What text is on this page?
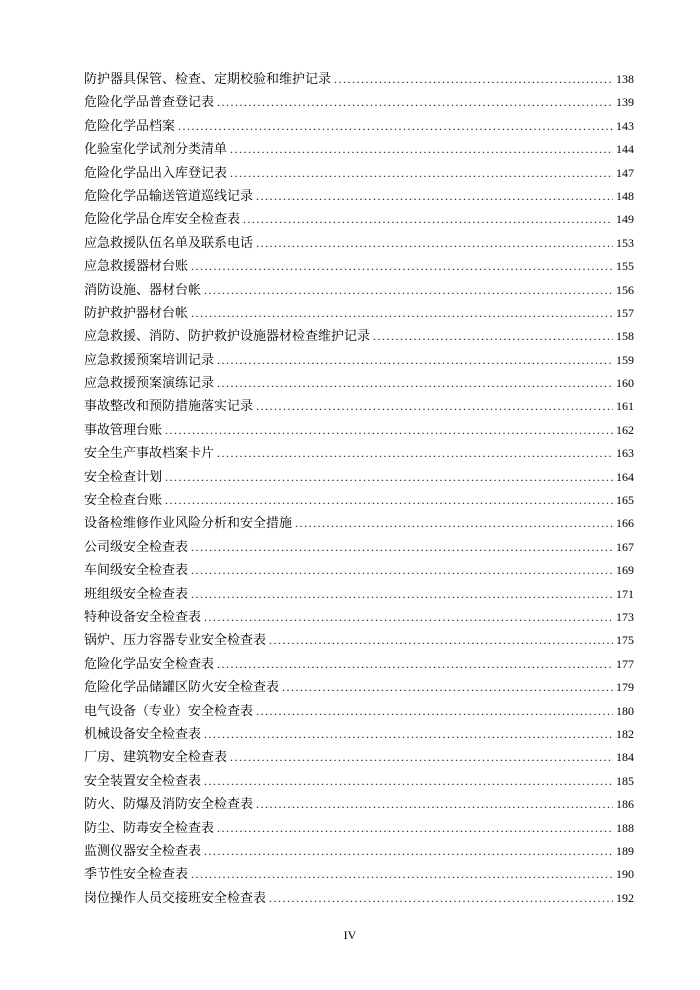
防护器具保管、检查、定期校验和维护记录 .....	138
危险化学品普查登记表 .....	139
危险化学品档案 .....	143
化验室化学试剂分类清单 .....	144
危险化学品出入库登记表 .....	147
危险化学品输送管道巡线记录 .....	148
危险化学品仓库安全检查表 .....	149
应急救援队伍名单及联系电话 .....	153
应急救援器材台账 .....	155
消防设施、器材台帐 .....	156
防护救护器材台帐 .....	157
应急救援、消防、防护救护设施器材检查维护记录 .....	158
应急救援预案培训记录 .....	159
应急救援预案演练记录 .....	160
事故整改和预防措施落实记录 .....	161
事故管理台账 .....	162
安全生产事故档案卡片 .....	163
安全检查计划 .....	164
安全检查台账 .....	165
设备检维修作业风险分析和安全措施 .....	166
公司级安全检查表 .....	167
车间级安全检查表 .....	169
班组级安全检查表 .....	171
特种设备安全检查表 .....	173
锅炉、压力容器专业安全检查表 .....	175
危险化学品安全检查表 .....	177
危险化学品储罐区防火安全检查表 .....	179
电气设备（专业）安全检查表 .....	180
机械设备安全检查表 .....	182
厂房、建筑物安全检查表 .....	184
安全装置安全检查表 .....	185
防火、防爆及消防安全检查表 .....	186
防尘、防毒安全检查表 .....	188
监测仪器安全检查表 .....	189
季节性安全检查表 .....	190
岗位操作人员交接班安全检查表 .....	192
IV
